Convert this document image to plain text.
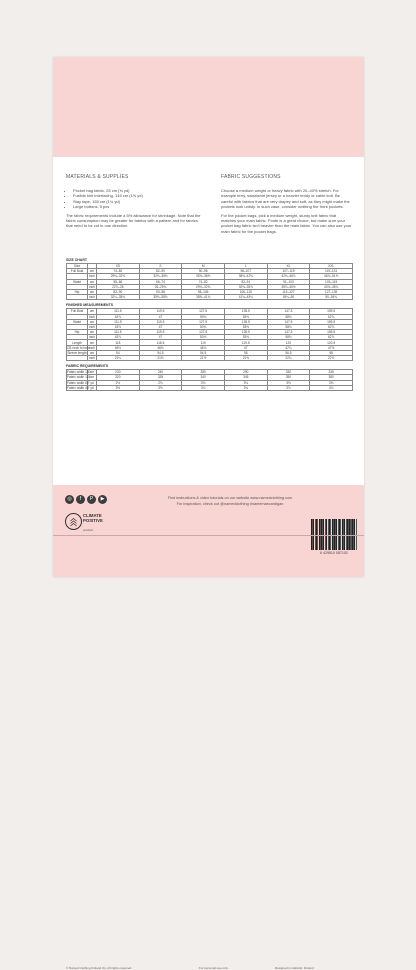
MATERIALS & SUPPLIES
• Pocket bag fabric, 25 cm (⅜ yd)
• Fusible knit interfacing, 145 cm (1⅝ yd)
• Stay tape, 155 cm (1¾ yd)
• Large buttons, 5 pcs

The fabric requirements include a 5% allowance for shrinkage. Note that the fabric consumption may be greater for fabrics with a pattern and for fabrics that need to be cut in one direction.

FABRIC SUGGESTIONS

Choose a medium weight or heavy fabric with 20–40% stretch. For example terry, sweatshirt jersey or a heavier teddy or cable knit. Be careful with fabrics that are very drapey and soft, as they might make the pockets look untidy. In such case, consider omitting the front pockets.

For the pocket bags, pick a medium weight, sturdy knit fabric that matches your main fabric. Ponte is a great choice, but make sure your pocket bag fabric isn't heavier than the main fabric. You can also use your main fabric for the pocket bags.

SIZE CHART
Size		XS	S	M	L	XL	XXL
Full Bust	cm	74–82	82–90	90–98	98–107	107–119	119–131
	inch	29⅛–32⅜	32⅜–35⅜	35⅜–38⅝	38⅝–42⅛	42⅛–46⅞	46⅞–51⅝
Waist	cm	58–66	66–74	74–82	82–91	91–103	103–115
	inch	22⅞–26	26–29⅛	29⅛–32⅜	32⅜–35⅞	35⅞–40½	40½–45¼
Hip	cm	82–90	90–98	98–106	106–115	115–127	127–139
	inch	32¼–35⅜	35⅜–38⅝	38⅝–41¾	41¾–45¼	45¼–50	50–54¾
FINISHED MEASUREMENTS
Full Bust	cm	111.5	119.5	127.5	135.5	147.5	159.5
	inch	43⅞	47	50⅛	53⅜	58⅛	62⅞
Waist	cm	111.5	119.5	127.5	135.5	147.5	159.5
	inch	43⅞	47	50⅛	53⅜	58⅛	62⅞
Hip	cm	111.5	119.5	127.5	135.5	147.5	159.5
	inch	43⅞	47	50⅛	53⅜	58⅛	62⅞
Length	cm	118	118.5	119	119.5	120	120.5
CB neck to hem	inch	46½	46⅝	46⅞	47	47¼	47½
Sleeve length	cm	54	54.5	54.5	55	56.5	58
	inch	21¼	21½	21½	21⅝	22¼	22⅞
FABRIC REQUIREMENTS
Fabric width 150	cm	230	240	280	290	330	335
Fabric width 115	cm	320	335	340	345	350	380
Fabric width 60"	yd	2½	2⅝	3⅛	3⅛	3⅝	3⅝
Fabric width 45"	yd	3½	3⅝	3¾	3¾	3⅞	4⅛
◎	f	P	▶	Find instructions & video tutorials on our website www.namedclothing.com
For inspiration, check out @namedclothing #namemaecardigan
CLIMATE
POSITIVE
product
6 429810 087102
© Named Clothing Finland Oy, All rights reserved.	For personal use only.	Designed in Helsinki, Finland
